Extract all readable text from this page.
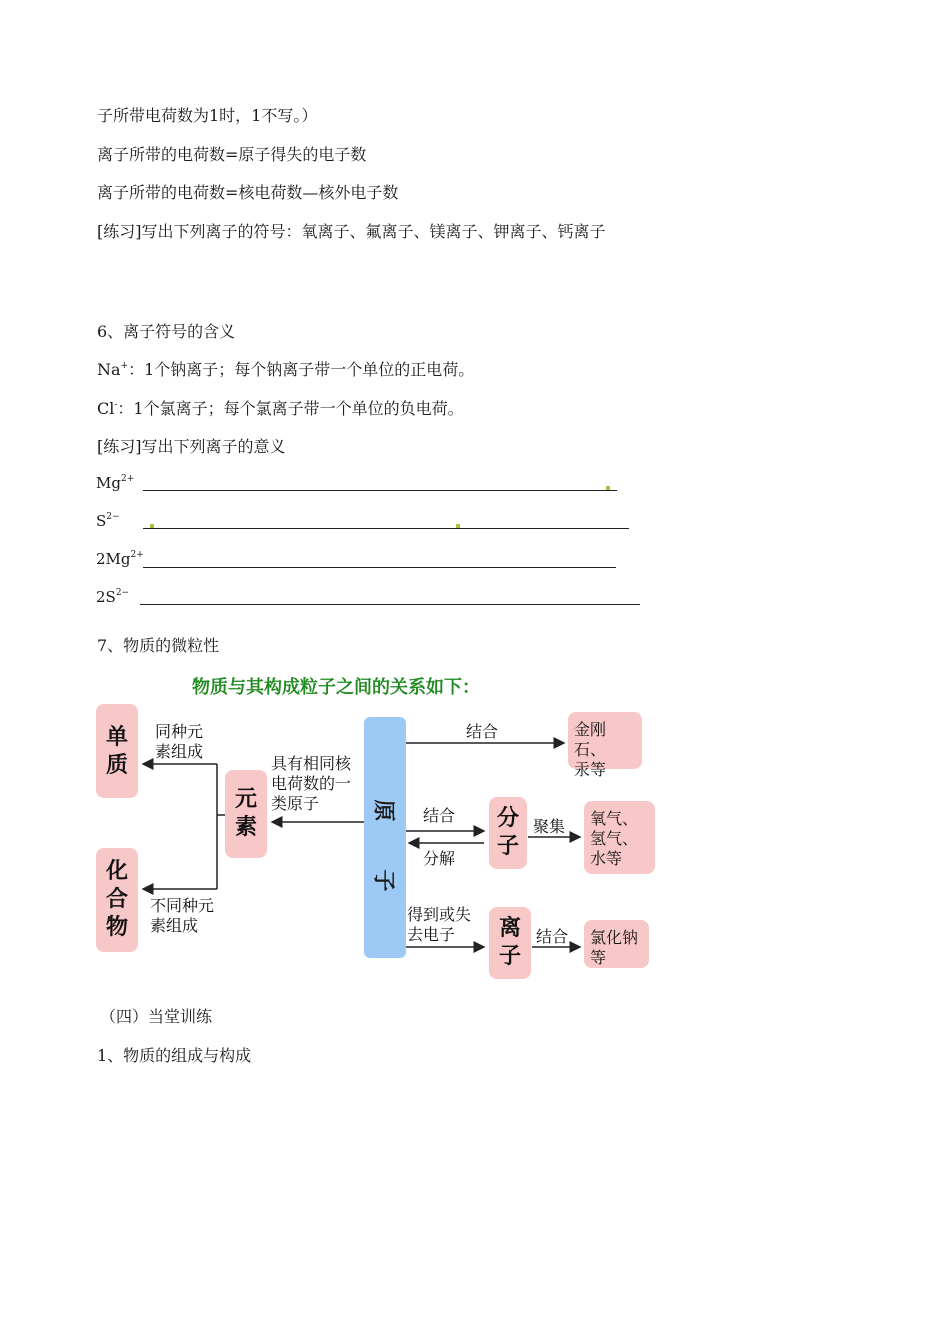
子所带电荷数为1时，1不写。）
离子所带的电荷数=原子得失的电子数
离子所带的电荷数=核电荷数—核外电子数
[练习]写出下列离子的符号：氧离子、氟离子、镁离子、钾离子、钙离子
6、离子符号的含义
Na+：1个钠离子；每个钠离子带一个单位的正电荷。
Cl-：1个氯离子；每个氯离子带一个单位的负电荷。
[练习]写出下列离子的意义
$Mg^{2+}$
$S^{2-}$
$2Mg^{2+}$
$2S^{2-}$
7、物质的微粒性
物质与其构成粒子之间的关系如下：
单
质
化
合
物
元
素
原
子
分
子
离
子
金刚石、
汞等
氧气、
氢气、
水等
氯化钠
等
同种元
素组成
不同种元
素组成
具有相同核
电荷数的一
类原子
结合
结合
分解
聚集
得到或失
去电子	结合
（四）当堂训练
1、物质的组成与构成
